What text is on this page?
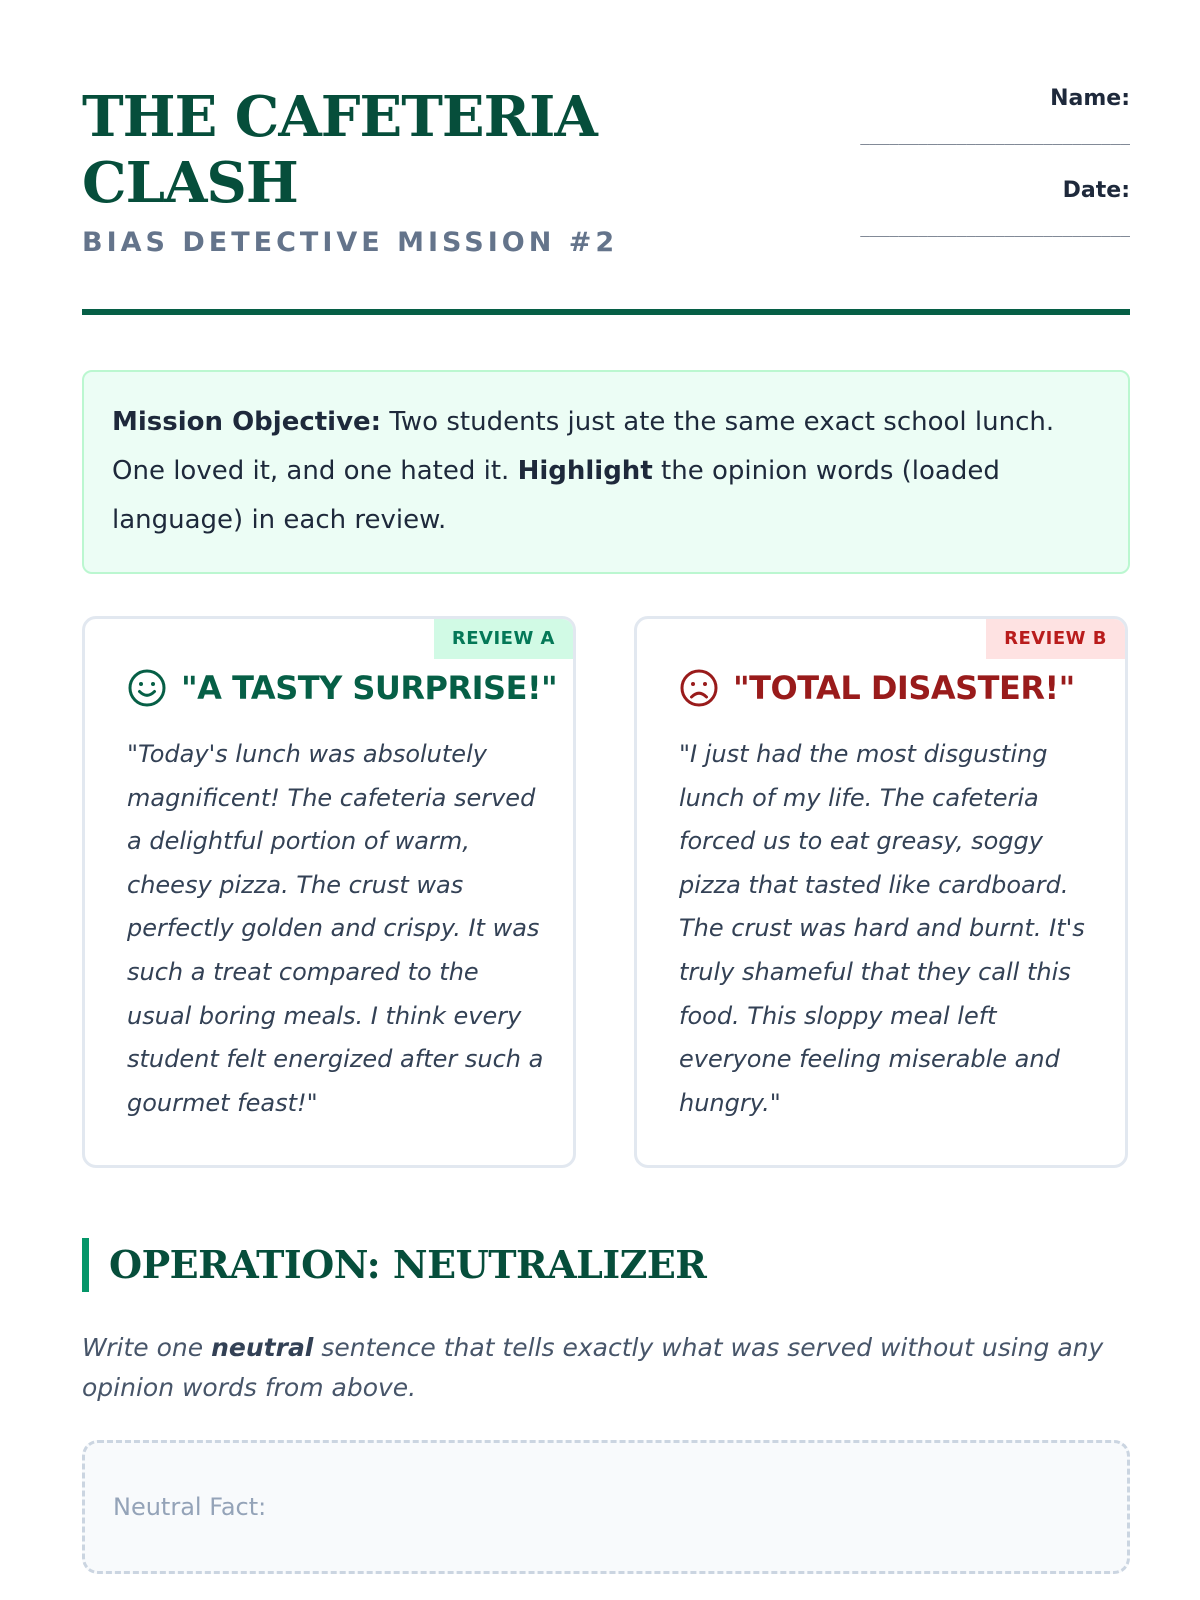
THE CAFETERIA
CLASH
BIAS DETECTIVE MISSION #2
Name:
____________________________
Date:
____________________________
Mission Objective: Two students just ate the same exact school lunch. One loved it, and one hated it. Highlight the opinion words (loaded language) in each review.
REVIEW A
"A TASTY SURPRISE!"
"Today's lunch was absolutely magnificent! The cafeteria served a delightful portion of warm, cheesy pizza. The crust was perfectly golden and crispy. It was such a treat compared to the usual boring meals. I think every student felt energized after such a gourmet feast!"
REVIEW B
"TOTAL DISASTER!"
"I just had the most disgusting lunch of my life. The cafeteria forced us to eat greasy, soggy pizza that tasted like cardboard. The crust was hard and burnt. It's truly shameful that they call this food. This sloppy meal left everyone feeling miserable and hungry."
OPERATION: NEUTRALIZER
Write one neutral sentence that tells exactly what was served without using any opinion words from above.
Neutral Fact:
